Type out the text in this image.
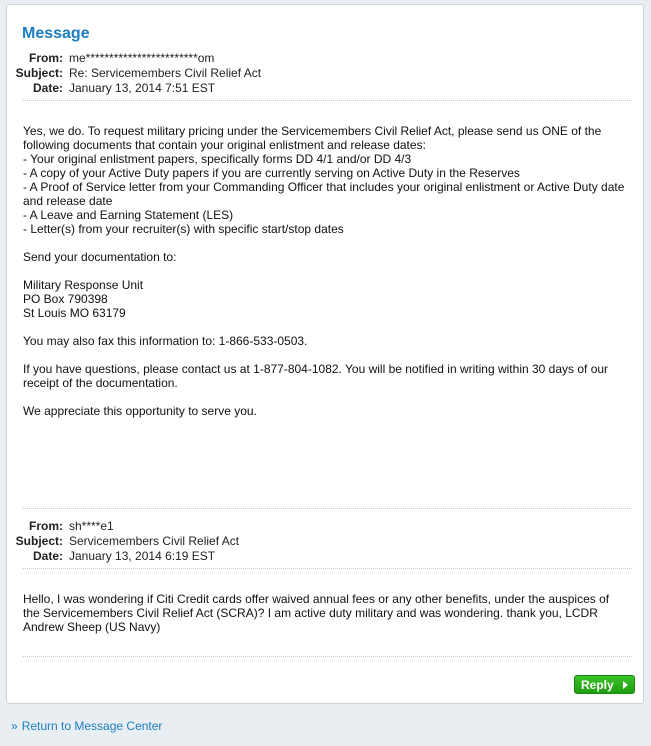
Message
From: me************************om
Subject: Re: Servicemembers Civil Relief Act
Date: January 13, 2014 7:51 EST

Yes, we do. To request military pricing under the Servicemembers Civil Relief Act, please send us ONE of the following documents that contain your original enlistment and release dates:
- Your original enlistment papers, specifically forms DD 4/1 and/or DD 4/3
- A copy of your Active Duty papers if you are currently serving on Active Duty in the Reserves
- A Proof of Service letter from your Commanding Officer that includes your original enlistment or Active Duty date and release date
- A Leave and Earning Statement (LES)
- Letter(s) from your recruiter(s) with specific start/stop dates

Send your documentation to:

Military Response Unit
PO Box 790398
St Louis MO 63179

You may also fax this information to: 1-866-533-0503.

If you have questions, please contact us at 1-877-804-1082. You will be notified in writing within 30 days of our receipt of the documentation.

We appreciate this opportunity to serve you.

From: sh****e1
Subject: Servicemembers Civil Relief Act
Date: January 13, 2014 6:19 EST

Hello, I was wondering if Citi Credit cards offer waived annual fees or any other benefits, under the auspices of the Servicemembers Civil Relief Act (SCRA)? I am active duty military and was wondering. thank you, LCDR Andrew Sheep (US Navy)

Reply
» Return to Message Center
